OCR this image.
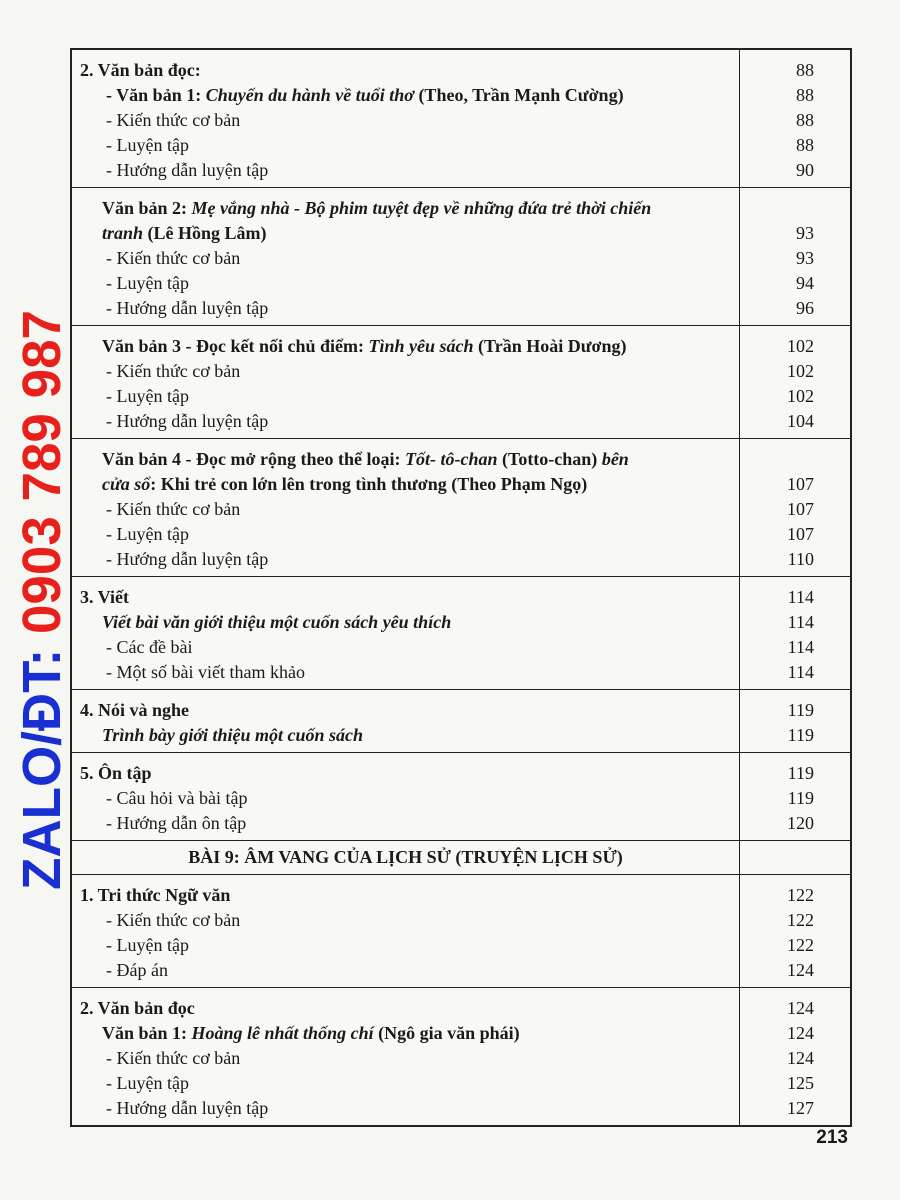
ZALO/ĐT: 0903 789 987
2. Văn bản đọc:
- Văn bản 1: Chuyến du hành về tuổi thơ (Theo, Trần Mạnh Cường)
- Kiến thức cơ bản
- Luyện tập
- Hướng dẫn luyện tập
88
88
88
88
90
Văn bản 2: Mẹ vắng nhà - Bộ phim tuyệt đẹp về những đứa trẻ thời chiến
tranh (Lê Hồng Lâm)
- Kiến thức cơ bản
- Luyện tập
- Hướng dẫn luyện tập

93
93
94
96
Văn bản 3 - Đọc kết nối chủ điểm: Tình yêu sách (Trần Hoài Dương)
- Kiến thức cơ bản
- Luyện tập
- Hướng dẫn luyện tập
102
102
102
104
Văn bản 4 - Đọc mở rộng theo thể loại: Tốt- tô-chan (Totto-chan) bên
cửa sổ: Khi trẻ con lớn lên trong tình thương (Theo Phạm Ngọ)
- Kiến thức cơ bản
- Luyện tập
- Hướng dẫn luyện tập

107
107
107
110
3. Viết
Viết bài văn giới thiệu một cuốn sách yêu thích
- Các đề bài
- Một số bài viết tham khảo
114
114
114
114
4. Nói và nghe
Trình bày giới thiệu một cuốn sách
119
119
5. Ôn tập
- Câu hỏi và bài tập
- Hướng dẫn ôn tập
119
119
120
BÀI 9: ÂM VANG CỦA LỊCH SỬ (TRUYỆN LỊCH SỬ)
1. Tri thức Ngữ văn
- Kiến thức cơ bản
- Luyện tập
- Đáp án
122
122
122
124
2. Văn bản đọc
Văn bản 1: Hoàng lê nhất thống chí (Ngô gia văn phái)
- Kiến thức cơ bản
- Luyện tập
- Hướng dẫn luyện tập
124
124
124
125
127
213
